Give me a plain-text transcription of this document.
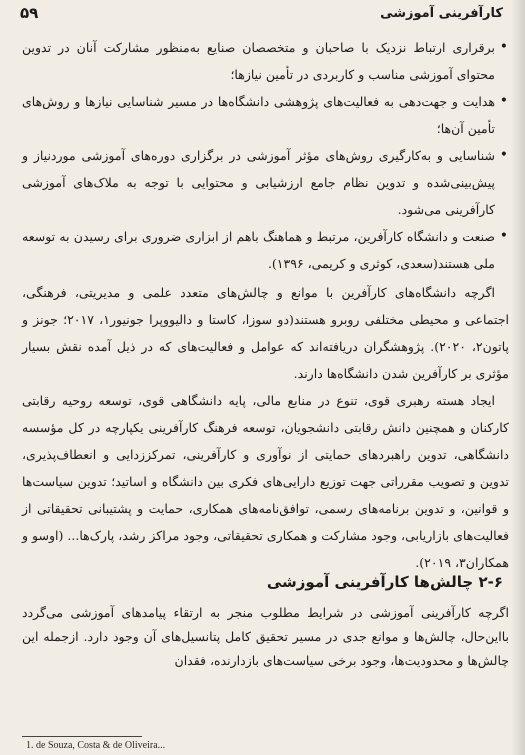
۵۹	کارآفرینی آموزشی
• برقراری ارتباط نزدیک با صاحبان و متخصصان صنایع به‌منظور مشارکت آنان در تدوین محتوای آموزشی مناسب و کاربردی در تأمین نیازها؛
• هدایت و جهت‌دهی به فعالیت‌های پژوهشی دانشگاه‌ها در مسیر شناسایی نیازها و روش‌های تأمین آن‌ها؛
• شناسایی و به‌کارگیری روش‌های مؤثر آموزشی در برگزاری دوره‌های آموزشی موردنیاز و پیش‌بینی‌شده و تدوین نظام جامع ارزشیابی و محتوایی با توجه به ملاک‌های آموزشی کارآفرینی می‌شود.
• صنعت و دانشگاه کارآفرین، مرتبط و هماهنگ باهم از ابزاری ضروری برای رسیدن به توسعه ملی هستند(سعدی، کوثری و کریمی، ۱۳۹۶).

اگرچه دانشگاه‌های کارآفرین با موانع و چالش‌های متعدد علمی و مدیریتی، فرهنگی، اجتماعی و محیطی مختلفی روبرو هستند(دو سوزا، کاستا و دالیووپرا جونیور۱، ۲۰۱۷؛ جونز و پاتون۲، ۲۰۲۰). پژوهشگران دریافته‌اند که عوامل و فعالیت‌های که در ذیل آمده نقش بسیار مؤثری بر کارآفرین شدن دانشگاه‌ها دارند.

ایجاد هسته رهبری قوی، تنوع در منابع مالی، پایه دانشگاهی قوی، توسعه روحیه رقابتی کارکنان و همچنین دانش رقابتی دانشجویان، توسعه فرهنگ کارآفرینی یکپارچه در کل مؤسسه دانشگاهی، تدوین راهبردهای حمایتی از نوآوری و کارآفرینی، تمرکززدایی و انعطاف‌پذیری، تدوین و تصویب مقرراتی جهت توزیع دارایی‌های فکری بین دانشگاه و اساتید؛ تدوین سیاست‌ها و قوانین، و تدوین برنامه‌های رسمی، توافق‌نامه‌های همکاری، حمایت و پشتیبانی تحقیقاتی از فعالیت‌های بازاریابی، وجود مشارکت و همکاری تحقیقاتی، وجود مراکز رشد، پارک‌ها... (اوسو و همکاران۳، ۲۰۱۹).

۲-۶ چالش‌ها کارآفرینی آموزشی

اگرچه کارآفرینی آموزشی در شرایط مطلوب منجر به ارتقاء پیامدهای آموزشی می‌گردد بااین‌حال، چالش‌ها و موانع جدی در مسیر تحقیق کامل پتانسیل‌های آن وجود دارد. ازجمله این چالش‌ها و محدودیت‌ها، وجود برخی سیاست‌های بازدارنده، فقدان

1. de Souza, Costa & de Oliveira...
